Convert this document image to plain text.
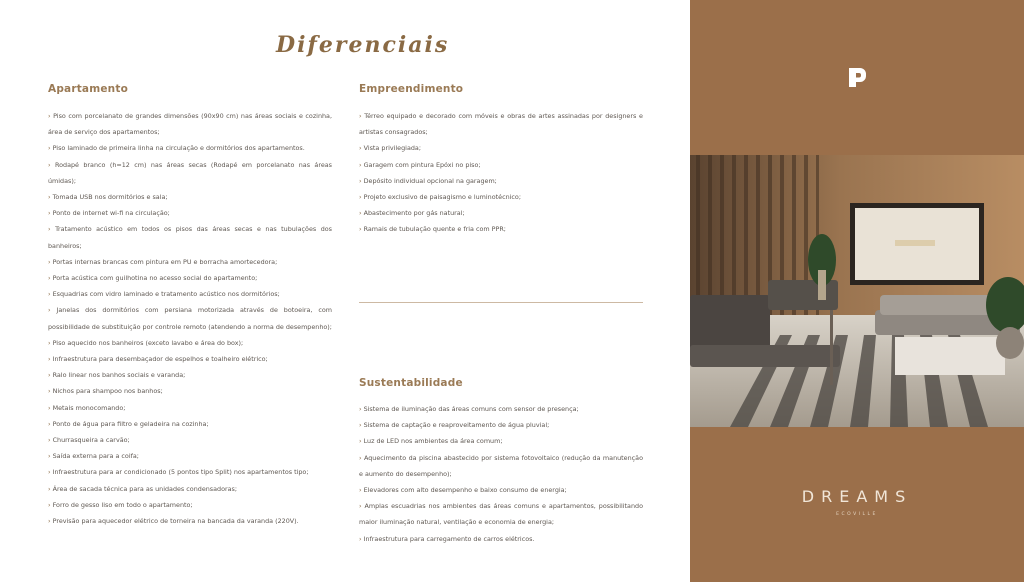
Diferenciais
Apartamento
› Piso com porcelanato de grandes dimensões (90x90 cm) nas áreas sociais e cozinha, área de serviço dos apartamentos;
› Piso laminado de primeira linha na circulação e dormitórios dos apartamentos.
› Rodapé branco (h=12 cm) nas áreas secas (Rodapé em porcelanato nas áreas úmidas);
› Tomada USB nos dormitórios e sala;
› Ponto de internet wi-fi na circulação;
› Tratamento acústico em todos os pisos das áreas secas e nas tubulações dos banheiros;
› Portas internas brancas com pintura em PU e borracha amortecedora;
› Porta acústica com guilhotina no acesso social do apartamento;
› Esquadrias com vidro laminado e tratamento acústico nos dormitórios;
› Janelas dos dormitórios com persiana motorizada através de botoeira, com possibilidade de substituição por controle remoto (atendendo a norma de desempenho);
› Piso aquecido nos banheiros (exceto lavabo e área do box);
› Infraestrutura para desembaçador de espelhos e toalheiro elétrico;
› Ralo linear nos banhos sociais e varanda;
› Nichos para shampoo nos banhos;
› Metais monocomando;
› Ponto de água para filtro e geladeira na cozinha;
› Churrasqueira a carvão;
› Saída externa para a coifa;
› Infraestrutura para ar condicionado (5 pontos tipo Split) nos apartamentos tipo;
› Área de sacada técnica para as unidades condensadoras;
› Forro de gesso liso em todo o apartamento;
› Previsão para aquecedor elétrico de torneira na bancada da varanda (220V).
Empreendimento
› Térreo equipado e decorado com móveis e obras de artes assinadas por designers e artistas consagrados;
› Vista privilegiada;
› Garagem com pintura Epóxi no piso;
› Depósito individual opcional na garagem;
› Projeto exclusivo de paisagismo e luminotécnico;
› Abastecimento por gás natural;
› Ramais de tubulação quente e fria com PPR;
Sustentabilidade
› Sistema de iluminação das áreas comuns com sensor de presença;
› Sistema de captação e reaproveitamento de água pluvial;
› Luz de LED nos ambientes da área comum;
› Aquecimento da piscina abastecido por sistema fotovoltaico (redução da manutenção e aumento do desempenho);
› Elevadores com alto desempenho e baixo consumo de energia;
› Amplas escuadrias nos ambientes das áreas comuns e apartamentos, possibilitando maior iluminação natural, ventilação e economia de energia;
› Infraestrutura para carregamento de carros elétricos.
DREAMS
ECOVILLE
